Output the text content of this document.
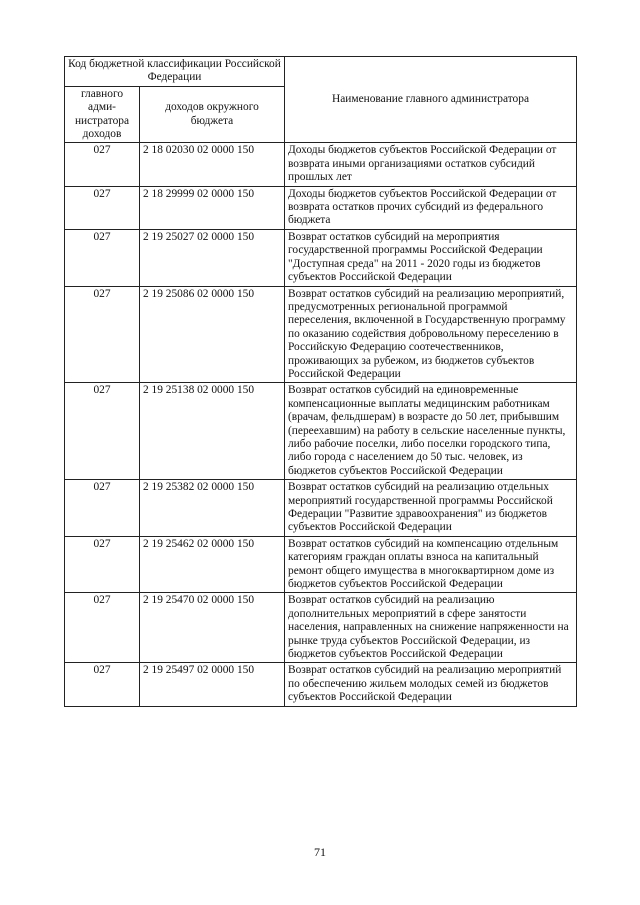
Код бюджетной классификации Российской Федерации		Наименование главного администратора
главного адми-нистратора доходов	доходов окружного бюджета	
027	2 18 02030 02 0000 150	Доходы бюджетов субъектов Российской Федерации от возврата иными организациями остатков субсидий прошлых лет
027	2 18 29999 02 0000 150	Доходы бюджетов субъектов Российской Федерации от возврата остатков прочих субсидий из федерального бюджета
027	2 19 25027 02 0000 150	Возврат остатков субсидий на мероприятия государственной программы Российской Федерации "Доступная среда" на 2011 - 2020 годы из бюджетов субъектов Российской Федерации
027	2 19 25086 02 0000 150	Возврат остатков субсидий на реализацию мероприятий, предусмотренных региональной программой переселения, включенной в Государственную программу по оказанию содействия добровольному переселению в Российскую Федерацию соотечественников, проживающих за рубежом, из бюджетов субъектов Российской Федерации
027	2 19 25138 02 0000 150	Возврат остатков субсидий на единовременные компенсационные выплаты медицинским работникам (врачам, фельдшерам) в возрасте до 50 лет, прибывшим (переехавшим) на работу в сельские населенные пункты, либо рабочие поселки, либо поселки городского типа, либо города с населением до 50 тыс. человек, из бюджетов субъектов Российской Федерации
027	2 19 25382 02 0000 150	Возврат остатков субсидий на реализацию отдельных мероприятий государственной программы Российской Федерации "Развитие здравоохранения" из бюджетов субъектов Российской Федерации
027	2 19 25462 02 0000 150	Возврат остатков субсидий на компенсацию отдельным категориям граждан оплаты взноса на капитальный ремонт общего имущества в многоквартирном доме из бюджетов субъектов Российской Федерации
027	2 19 25470 02 0000 150	Возврат остатков субсидий на реализацию дополнительных мероприятий в сфере занятости населения, направленных на снижение напряженности на рынке труда субъектов Российской Федерации, из бюджетов субъектов Российской Федерации
027	2 19 25497 02 0000 150	Возврат остатков субсидий на реализацию мероприятий по обеспечению жильем молодых семей из бюджетов субъектов Российской Федерации
71
